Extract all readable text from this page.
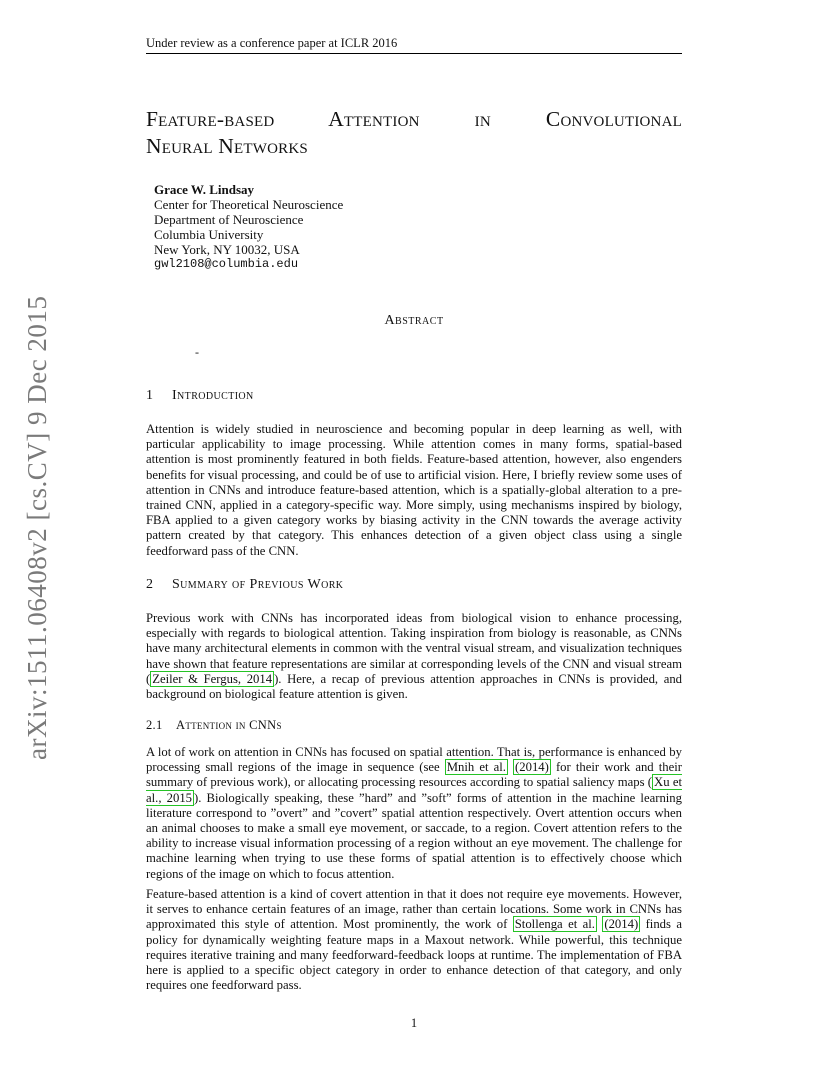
Under review as a conference paper at ICLR 2016
Feature-based Attention in Convolutional
Neural Networks
Grace W. Lindsay
Center for Theoretical Neuroscience
Department of Neuroscience
Columbia University
New York, NY 10032, USA
gwl2108@columbia.edu
Abstract
-
arXiv:1511.06408v2 [cs.CV] 9 Dec 2015	1 Introduction

Attention is widely studied in neuroscience and becoming popular in deep learning as well, with particular applicability to image processing. While attention comes in many forms, spatial-based attention is most prominently featured in both fields. Feature-based attention, however, also engenders benefits for visual processing, and could be of use to artificial vision. Here, I briefly review some uses of attention in CNNs and introduce feature-based attention, which is a spatially-global alteration to a pre-trained CNN, applied in a category-specific way. More simply, using mechanisms inspired by biology, FBA applied to a given category works by biasing activity in the CNN towards the average activity pattern created by that category. This enhances detection of a given object class using a single feedforward pass of the CNN.

2 Summary of Previous Work

Previous work with CNNs has incorporated ideas from biological vision to enhance processing, especially with regards to biological attention. Taking inspiration from biology is reasonable, as CNNs have many architectural elements in common with the ventral visual stream, and visualization techniques have shown that feature representations are similar at corresponding levels of the CNN and visual stream ( Zeiler & Fergus, 2014 ). Here, a recap of previous attention approaches in CNNs is provided, and background on biological feature attention is given.

2.1 Attention in CNNs

A lot of work on attention in CNNs has focused on spatial attention. That is, performance is enhanced by processing small regions of the image in sequence (see Mnih et al. (2014) for their work and their summary of previous work), or allocating processing resources according to spatial saliency maps ( Xu et al., 2015 ). Biologically speaking, these ”hard” and ”soft” forms of attention in the machine learning literature correspond to ”overt” and ”covert” spatial attention respectively. Overt attention occurs when an animal chooses to make a small eye movement, or saccade, to a region. Covert attention refers to the ability to increase visual information processing of a region without an eye movement. The challenge for machine learning when trying to use these forms of spatial attention is to effectively choose which regions of the image on which to focus attention.

Feature-based attention is a kind of covert attention in that it does not require eye movements. However, it serves to enhance certain features of an image, rather than certain locations. Some work in CNNs has approximated this style of attention. Most prominently, the work of Stollenga et al. (2014) finds a policy for dynamically weighting feature maps in a Maxout network. While powerful, this technique requires iterative training and many feedforward-feedback loops at runtime. The implementation of FBA here is applied to a specific object category in order to enhance detection of that category, and only requires one feedforward pass.

1
